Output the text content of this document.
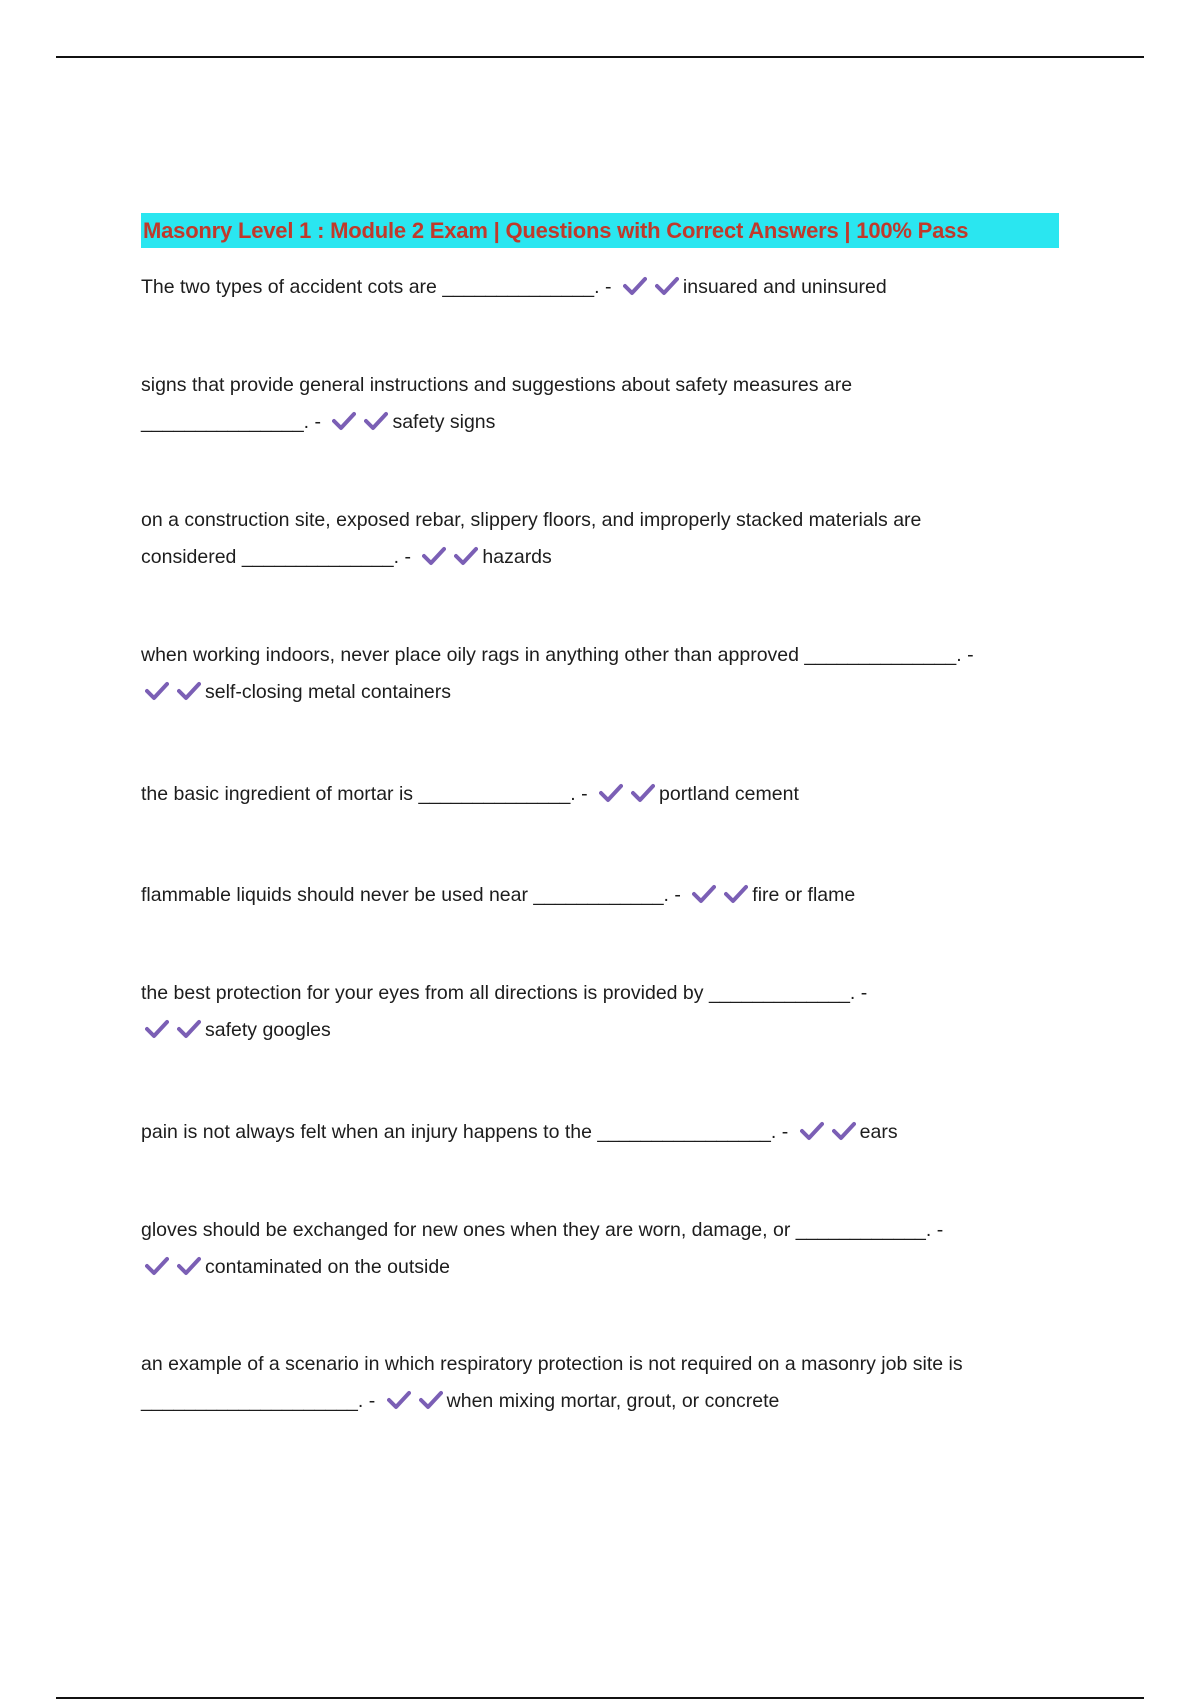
Masonry Level 1 : Module 2 Exam | Questions with Correct Answers | 100% Pass
The two types of accident cots are ______________. -	insuared and uninsured
signs that provide general instructions and suggestions about safety measures are
_______________. -	safety signs
on a construction site, exposed rebar, slippery floors, and improperly stacked materials are
considered ______________. -	hazards
when working indoors, never place oily rags in anything other than approved ______________. -
self-closing metal containers
the basic ingredient of mortar is ______________. -	portland cement
flammable liquids should never be used near ____________. -	fire or flame
the best protection for your eyes from all directions is provided by _____________. -
safety googles
pain is not always felt when an injury happens to the ________________. -	ears
gloves should be exchanged for new ones when they are worn, damage, or ____________. -
contaminated on the outside
an example of a scenario in which respiratory protection is not required on a masonry job site is
____________________. -	when mixing mortar, grout, or concrete
